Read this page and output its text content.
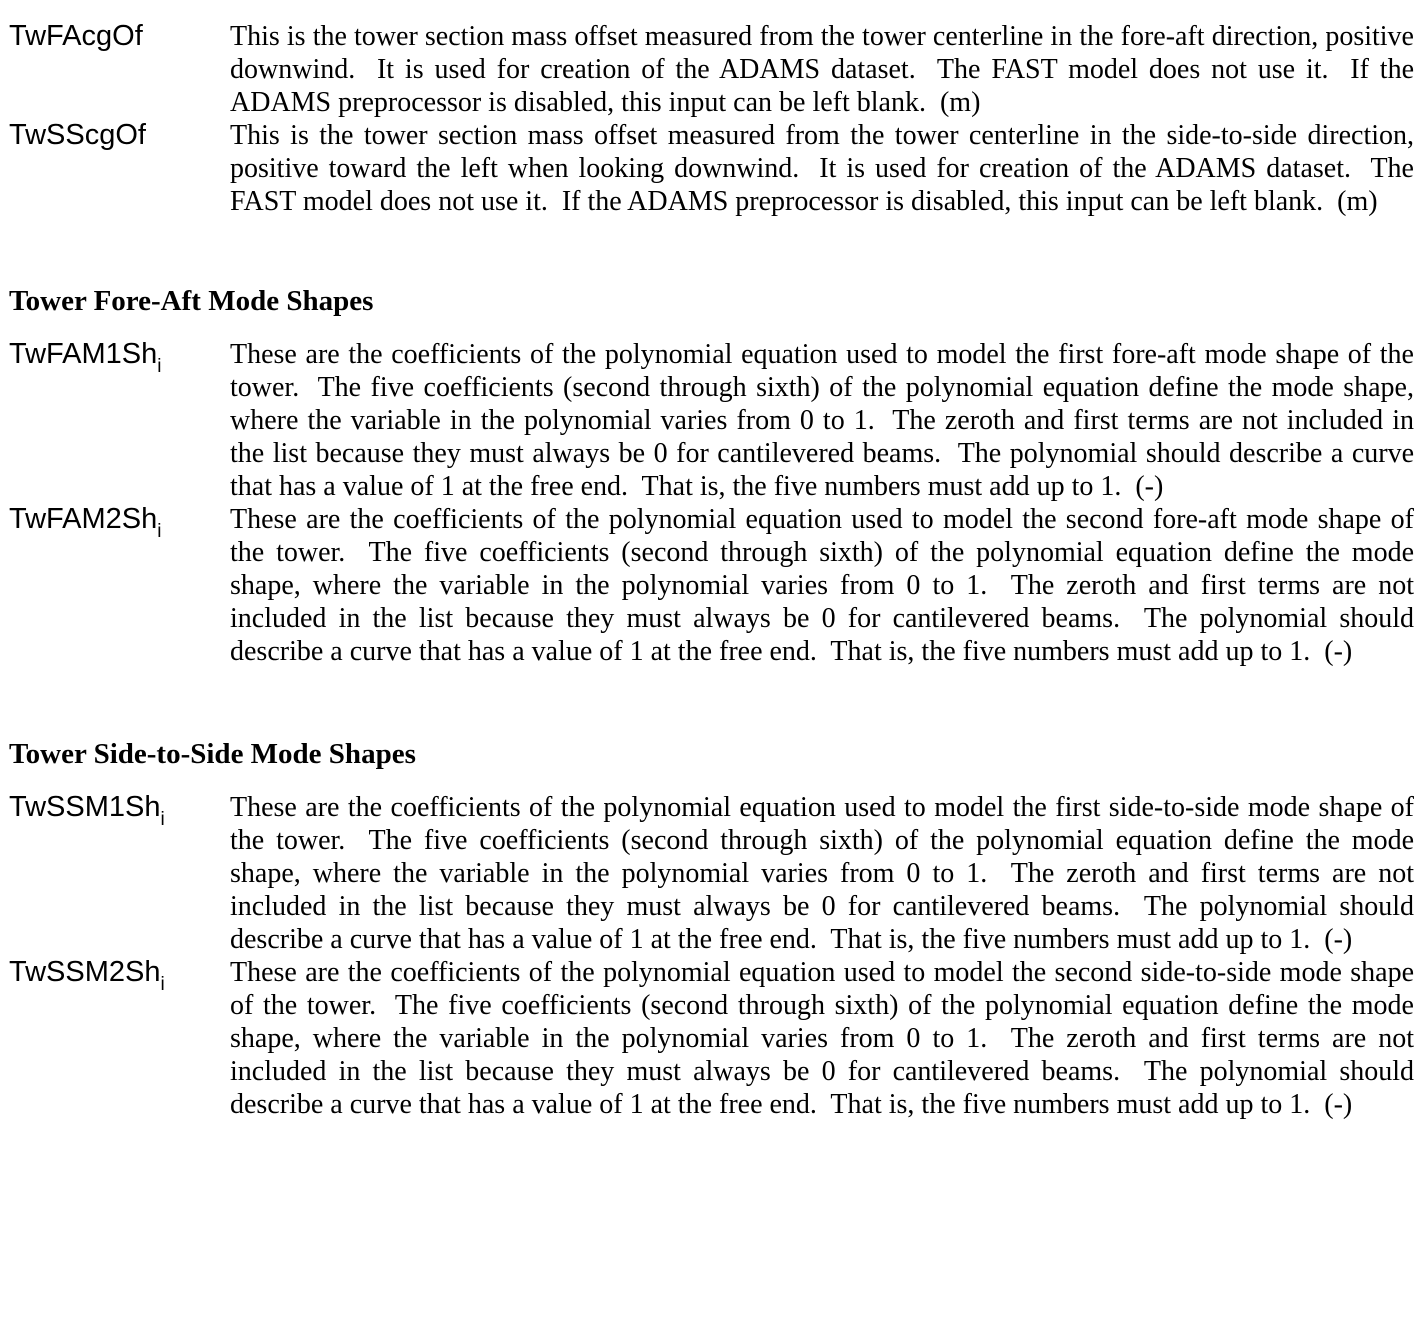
TwFAcgOf	This is the tower section mass offset measured from the tower centerline in the fore-aft direction, positive downwind.  It is used for creation of the ADAMS dataset.  The FAST model does not use it.  If the ADAMS preprocessor is disabled, this input can be left blank.  (m)

TwSScgOf	This is the tower section mass offset measured from the tower centerline in the side-to-side direction, positive toward the left when looking downwind.  It is used for creation of the ADAMS dataset.  The FAST model does not use it.  If the ADAMS preprocessor is disabled, this input can be left blank.  (m)

Tower Fore-Aft Mode Shapes
$TwFAM1Sh_i$	These are the coefficients of the polynomial equation used to model the first fore-aft mode shape of the tower.  The five coefficients (second through sixth) of the polynomial equation define the mode shape, where the variable in the polynomial varies from 0 to 1.  The zeroth and first terms are not included in the list because they must always be 0 for cantilevered beams.  The polynomial should describe a curve that has a value of 1 at the free end.  That is, the five numbers must add up to 1.  (-)

$TwFAM2Sh_i$	These are the coefficients of the polynomial equation used to model the second fore-aft mode shape of the tower.  The five coefficients (second through sixth) of the polynomial equation define the mode shape, where the variable in the polynomial varies from 0 to 1.  The zeroth and first terms are not included in the list because they must always be 0 for cantilevered beams.  The polynomial should describe a curve that has a value of 1 at the free end.  That is, the five numbers must add up to 1.  (-)

Tower Side-to-Side Mode Shapes
$TwSSM1Sh_i$	These are the coefficients of the polynomial equation used to model the first side-to-side mode shape of the tower.  The five coefficients (second through sixth) of the polynomial equation define the mode shape, where the variable in the polynomial varies from 0 to 1.  The zeroth and first terms are not included in the list because they must always be 0 for cantilevered beams.  The polynomial should describe a curve that has a value of 1 at the free end.  That is, the five numbers must add up to 1.  (-)

$TwSSM2Sh_i$	These are the coefficients of the polynomial equation used to model the second side-to-side mode shape of the tower.  The five coefficients (second through sixth) of the polynomial equation define the mode shape, where the variable in the polynomial varies from 0 to 1.  The zeroth and first terms are not included in the list because they must always be 0 for cantilevered beams.  The polynomial should describe a curve that has a value of 1 at the free end.  That is, the five numbers must add up to 1.  (-)
